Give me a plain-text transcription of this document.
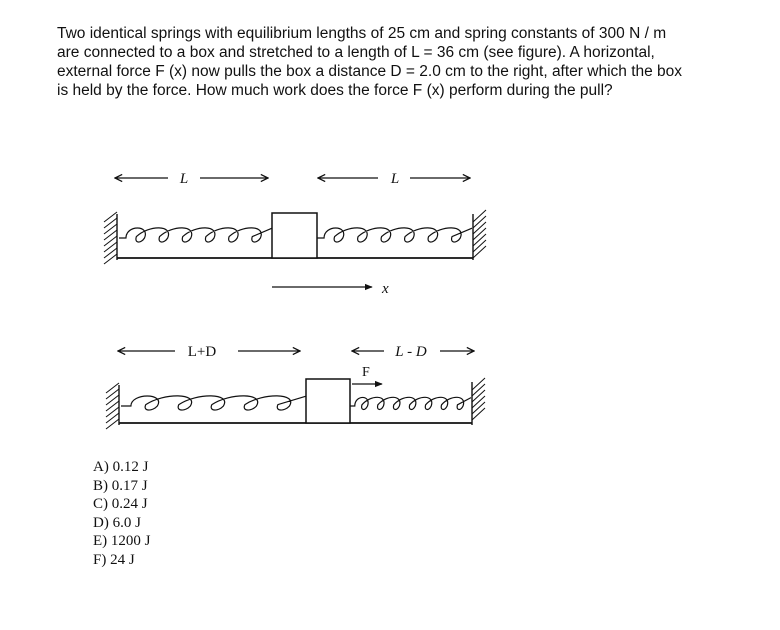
Two identical springs with equilibrium lengths of 25 cm and spring constants of 300 N / m
are connected to a box and stretched to a length of L = 36 cm (see figure). A horizontal,
external force F (x) now pulls the box a distance D = 2.0 cm to the right, after which the box
is held by the force. How much work does the force F (x) perform during the pull?
L	L
x
L+D	L - D
F
A) 0.12 J
B) 0.17 J
C) 0.24 J
D) 6.0 J
E) 1200 J
F) 24 J
